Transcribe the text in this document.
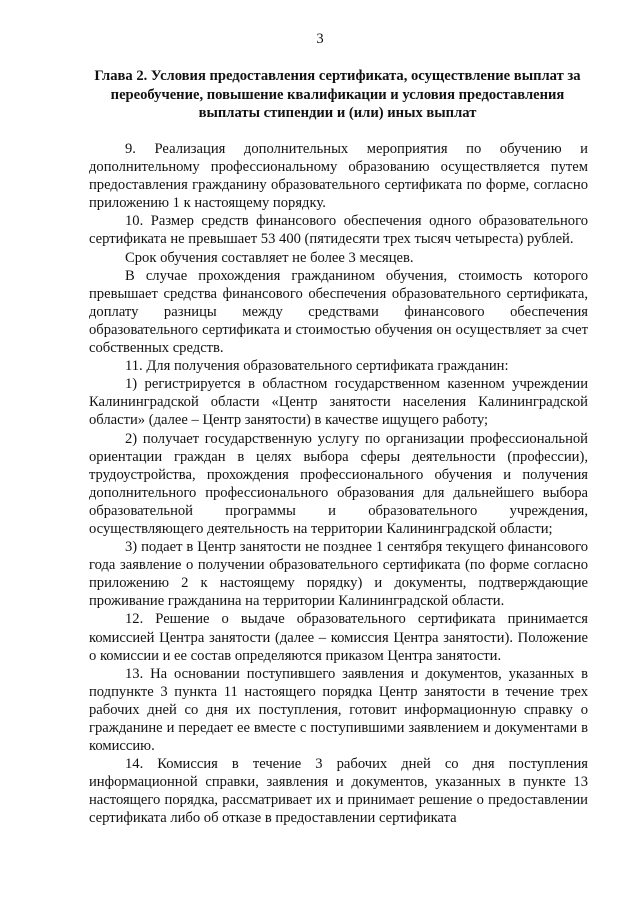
3
Глава 2. Условия предоставления сертификата, осуществление выплат за переобучение, повышение квалификации и условия предоставления выплаты стипендии и (или) иных выплат

9. Реализация дополнительных мероприятия по обучению и дополнительному профессиональному образованию осуществляется путем предоставления гражданину образовательного сертификата по форме, согласно приложению 1 к настоящему порядку.

10. Размер средств финансового обеспечения одного образовательного сертификата не превышает 53 400 (пятидесяти трех тысяч четыреста) рублей.

Срок обучения составляет не более 3 месяцев.

В случае прохождения гражданином обучения, стоимость которого превышает средства финансового обеспечения образовательного сертификата, доплату разницы между средствами финансового обеспечения образовательного сертификата и стоимостью обучения он осуществляет за счет собственных средств.

11. Для получения образовательного сертификата гражданин:

1) регистрируется в областном государственном казенном учреждении Калининградской области «Центр занятости населения Калининградской области» (далее – Центр занятости) в качестве ищущего работу;

2) получает государственную услугу по организации профессиональной ориентации граждан в целях выбора сферы деятельности (профессии), трудоустройства, прохождения профессионального обучения и получения дополнительного профессионального образования для дальнейшего выбора образовательной программы и образовательного учреждения, осуществляющего деятельность на территории Калининградской области;

3) подает в Центр занятости не позднее 1 сентября текущего финансового года заявление о получении образовательного сертификата (по форме согласно приложению 2 к настоящему порядку) и документы, подтверждающие проживание гражданина на территории Калининградской области.

12. Решение о выдаче образовательного сертификата принимается комиссией Центра занятости (далее – комиссия Центра занятости). Положение о комиссии и ее состав определяются приказом Центра занятости.

13. На основании поступившего заявления и документов, указанных в подпункте 3 пункта 11 настоящего порядка Центр занятости в течение трех рабочих дней со дня их поступления, готовит информационную справку о гражданине и передает ее вместе с поступившими заявлением и документами в комиссию.

14. Комиссия в течение 3 рабочих дней со дня поступления информационной справки, заявления и документов, указанных в пункте 13 настоящего порядка, рассматривает их и принимает решение о предоставлении сертификата либо об отказе в предоставлении сертификата
